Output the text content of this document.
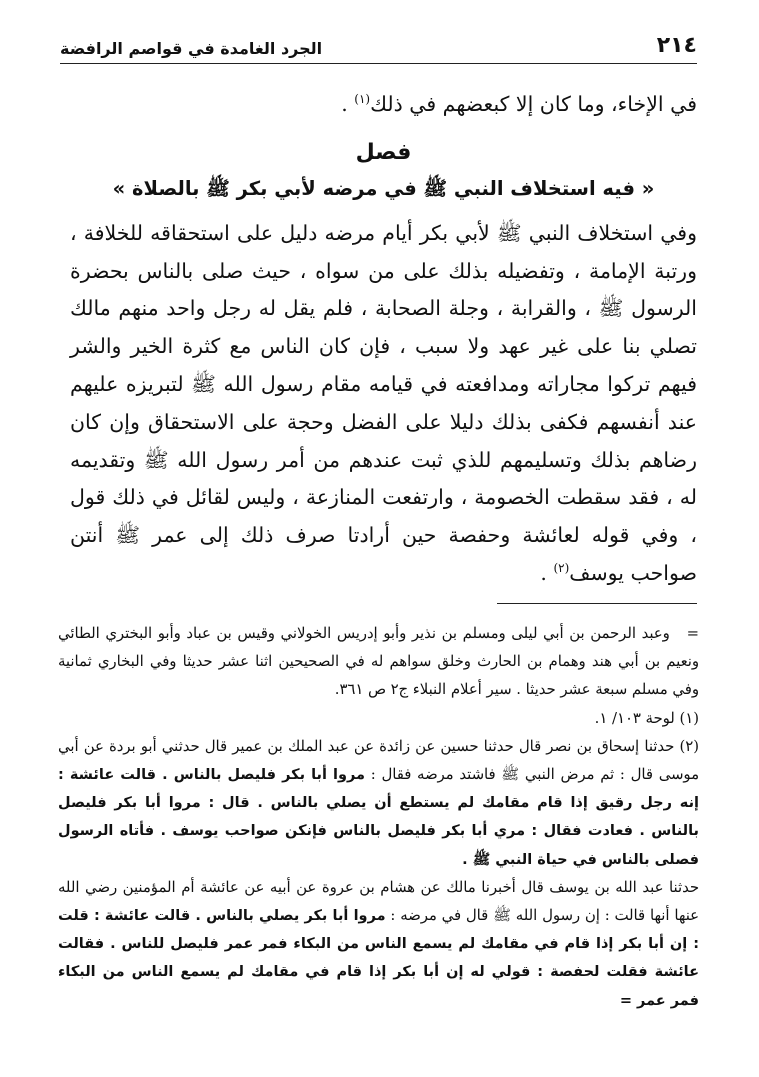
٢١٤
الجرد الغامدة في قواصم الرافضة

في الإخاء، وما كان إلا كبعضهم في ذلك$^{(١)}$ .

فصل
« فيه استخلاف النبي ﷺ في مرضه لأبي بكر ﷺ بالصلاة »

وفي استخلاف النبي ﷺ لأبي بكر أيام مرضه دليل على استحقاقه للخلافة ، ورتبة الإمامة ، وتفضيله بذلك على من سواه ، حيث صلى بالناس بحضرة الرسول ﷺ ، والقرابة ، وجلة الصحابة ، فلم يقل له رجل واحد منهم مالك تصلي بنا على غير عهد ولا سبب ، فإن كان الناس مع كثرة الخير والشر فيهم تركوا مجاراته ومدافعته في قيامه مقام رسول الله ﷺ لتبريزه عليهم عند أنفسهم فكفى بذلك دليلا على الفضل وحجة على الاستحقاق وإن كان رضاهم بذلك وتسليمهم للذي ثبت عندهم من أمر رسول الله ﷺ وتقديمه له ، فقد سقطت الخصومة ، وارتفعت المنازعة ، وليس لقائل في ذلك قول ، وفي قوله لعائشة وحفصة حين أرادتا صرف ذلك إلى عمر ﷺ أنتن صواحب يوسف$^{(٢)}$ .

=   وعبد الرحمن بن أبي ليلى ومسلم بن نذير وأبو إدريس الخولاني وقيس بن عباد وأبو البختري الطائي ونعيم بن أبي هند وهمام بن الحارث وخلق سواهم له في الصحيحين اثنا عشر حديثا وفي البخاري ثمانية وفي مسلم سبعة عشر حديثا . سير أعلام النبلاء ج٢ ص ٣٦١.

(١) لوحة ١٠٣/ ١.

(٢) حدثنا إسحاق بن نصر قال حدثنا حسين عن زائدة عن عبد الملك بن عمير قال حدثني أبو بردة عن أبي موسى قال : ثم مرض النبي ﷺ فاشتد مرضه فقال : مروا أبا بكر فليصل بالناس . قالت عائشة : إنه رجل رقيق إذا قام مقامك لم يستطع أن يصلي بالناس . قال : مروا أبا بكر فليصل بالناس . فعادت فقال : مري أبا بكر فليصل بالناس فإنكن صواحب يوسف . فأتاه الرسول فصلى بالناس في حياة النبي ﷺ .

حدثنا عبد الله بن يوسف قال أخبرنا مالك عن هشام بن عروة عن أبيه عن عائشة أم المؤمنين رضي الله عنها أنها قالت : إن رسول الله ﷺ قال في مرضه : مروا أبا بكر يصلي بالناس . قالت عائشة : قلت : إن أبا بكر إذا قام في مقامك لم يسمع الناس من البكاء فمر عمر فليصل للناس . فقالت عائشة فقلت لحفصة : قولي له إن أبا بكر إذا قام في مقامك لم يسمع الناس من البكاء فمر عمر =
